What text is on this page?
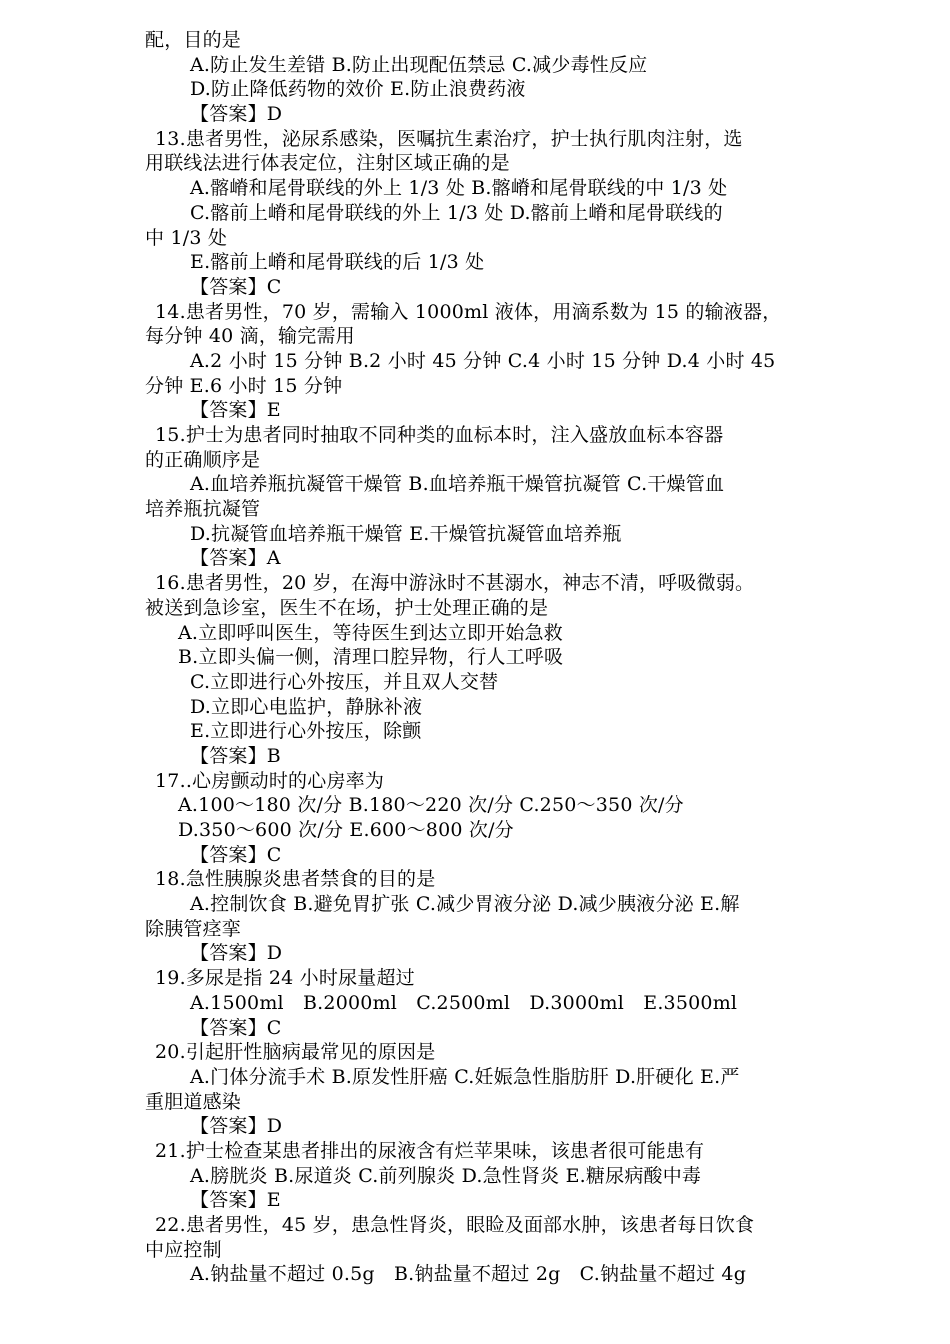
配，目的是
A.防止发生差错 B.防止出现配伍禁忌 C.减少毒性反应
D.防止降低药物的效价 E.防止浪费药液
【答案】D
13.患者男性，泌尿系感染，医嘱抗生素治疗，护士执行肌肉注射，选
用联线法进行体表定位，注射区域正确的是
A.髂嵴和尾骨联线的外上 1/3 处 B.髂嵴和尾骨联线的中 1/3 处
C.髂前上嵴和尾骨联线的外上 1/3 处 D.髂前上嵴和尾骨联线的
中 1/3 处
E.髂前上嵴和尾骨联线的后 1/3 处
【答案】C
14.患者男性，70 岁，需输入 1000ml 液体，用滴系数为 15 的输液器，
每分钟 40 滴，输完需用
A.2 小时 15 分钟 B.2 小时 45 分钟 C.4 小时 15 分钟 D.4 小时 45
分钟 E.6 小时 15 分钟
【答案】E
15.护士为患者同时抽取不同种类的血标本时，注入盛放血标本容器
的正确顺序是
A.血培养瓶抗凝管干燥管 B.血培养瓶干燥管抗凝管 C.干燥管血
培养瓶抗凝管
D.抗凝管血培养瓶干燥管 E.干燥管抗凝管血培养瓶
【答案】A
16.患者男性，20 岁，在海中游泳时不甚溺水，神志不清，呼吸微弱。
被送到急诊室，医生不在场，护士处理正确的是
A.立即呼叫医生，等待医生到达立即开始急救
B.立即头偏一侧，清理口腔异物，行人工呼吸
C.立即进行心外按压，并且双人交替
D.立即心电监护，静脉补液
E.立即进行心外按压，除颤
【答案】B
17..心房颤动时的心房率为
A.100～180 次/分 B.180～220 次/分 C.250～350 次/分
D.350～600 次/分 E.600～800 次/分
【答案】C
18.急性胰腺炎患者禁食的目的是
A.控制饮食 B.避免胃扩张 C.减少胃液分泌 D.减少胰液分泌 E.解
除胰管痉挛
【答案】D
19.多尿是指 24 小时尿量超过
A.1500ml　B.2000ml　C.2500ml　D.3000ml　E.3500ml
【答案】C
20.引起肝性脑病最常见的原因是
A.门体分流手术 B.原发性肝癌 C.妊娠急性脂肪肝 D.肝硬化 E.严
重胆道感染
【答案】D
21.护士检查某患者排出的尿液含有烂苹果味，该患者很可能患有
A.膀胱炎 B.尿道炎 C.前列腺炎 D.急性肾炎 E.糖尿病酸中毒
【答案】E
22.患者男性，45 岁，患急性肾炎，眼睑及面部水肿，该患者每日饮食
中应控制
A.钠盐量不超过 0.5g　B.钠盐量不超过 2g　C.钠盐量不超过 4g
